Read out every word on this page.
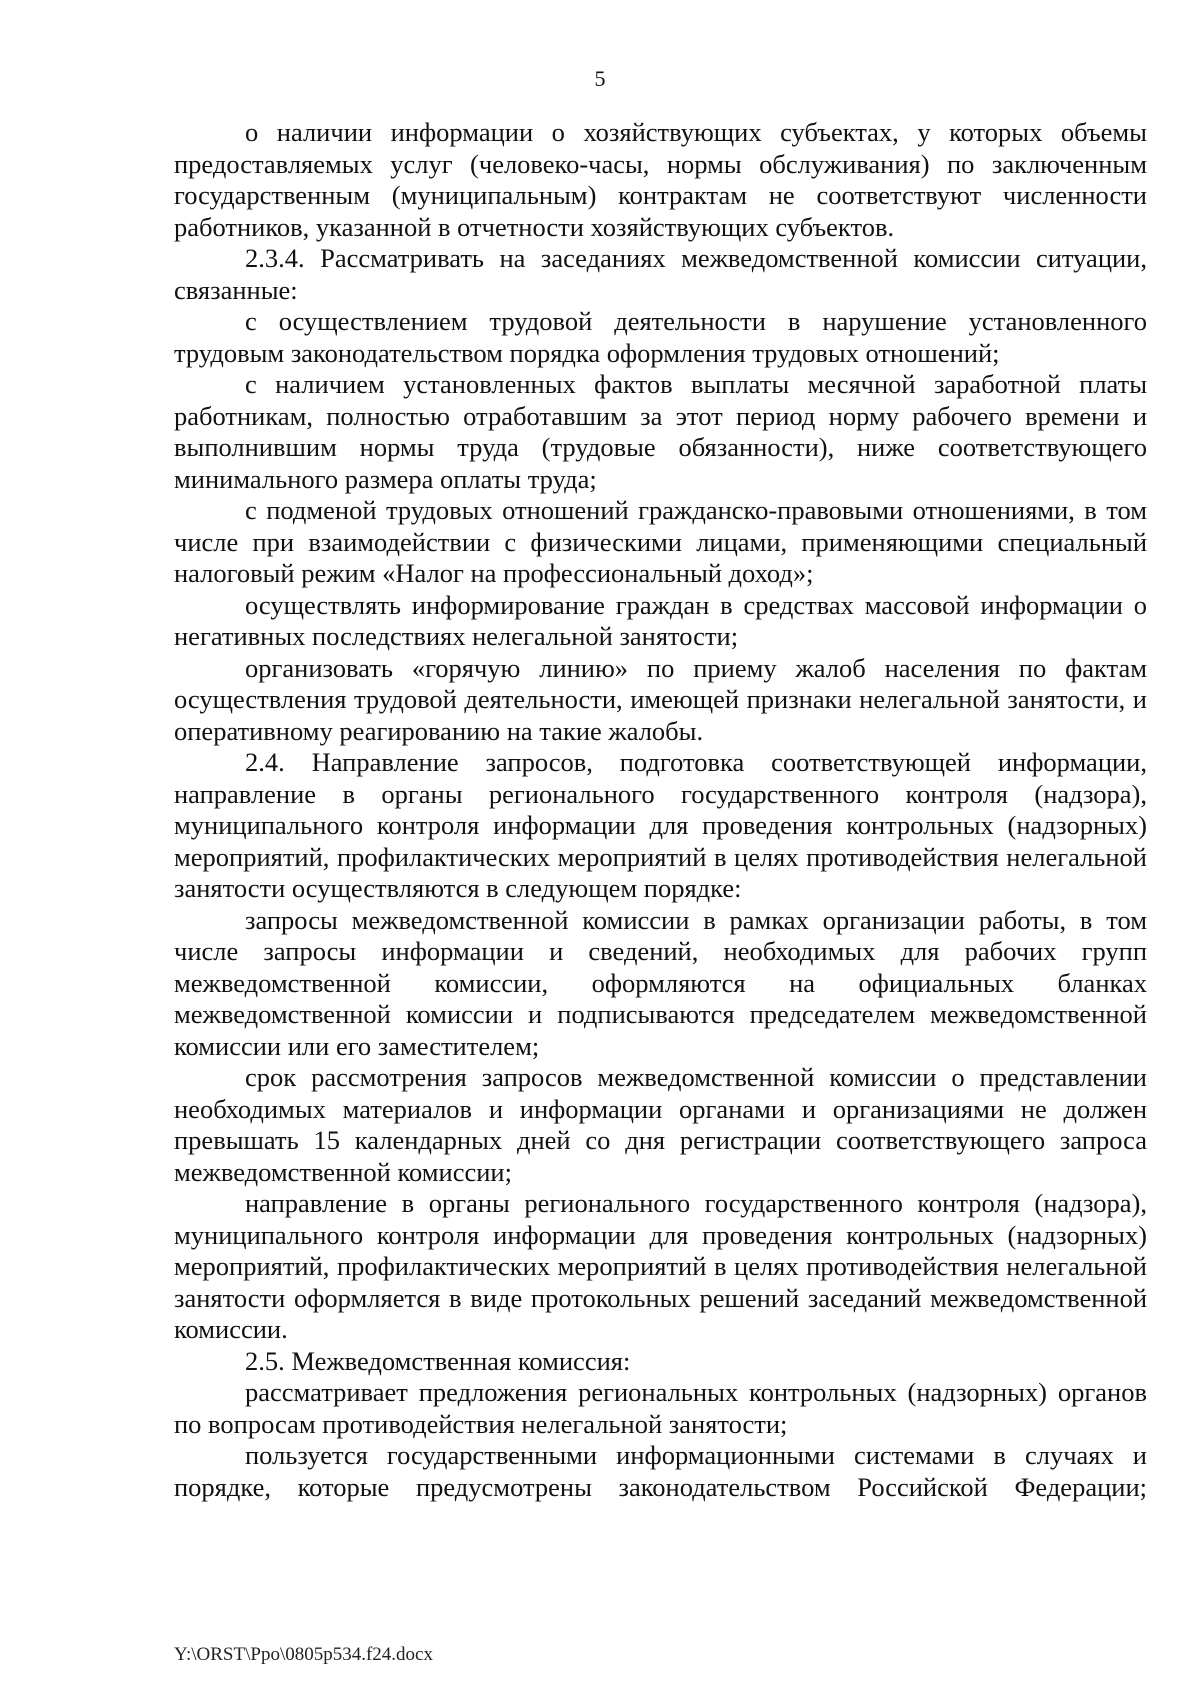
5

о наличии информации о хозяйствующих субъектах, у которых объемы предоставляемых услуг (человеко-часы, нормы обслуживания) по заключенным государственным (муниципальным) контрактам не соответствуют численности работников, указанной в отчетности хозяйствующих субъектов.

2.3.4. Рассматривать на заседаниях межведомственной комиссии ситуации, связанные:

с осуществлением трудовой деятельности в нарушение установленного трудовым законодательством порядка оформления трудовых отношений;

с наличием установленных фактов выплаты месячной заработной платы работникам, полностью отработавшим за этот период норму рабочего времени и выполнившим нормы труда (трудовые обязанности), ниже соответствующего минимального размера оплаты труда;

с подменой трудовых отношений гражданско-правовыми отношениями, в том числе при взаимодействии с физическими лицами, применяющими специальный налоговый режим «Налог на профессиональный доход»;

осуществлять информирование граждан в средствах массовой информации о негативных последствиях нелегальной занятости;

организовать «горячую линию» по приему жалоб населения по фактам осуществления трудовой деятельности, имеющей признаки нелегальной занятости, и оперативному реагированию на такие жалобы.

2.4. Направление запросов, подготовка соответствующей информации, направление в органы регионального государственного контроля (надзора), муниципального контроля информации для проведения контрольных (надзорных) мероприятий, профилактических мероприятий в целях противодействия нелегальной занятости осуществляются в следующем порядке:

запросы межведомственной комиссии в рамках организации работы, в том числе запросы информации и сведений, необходимых для рабочих групп межведомственной комиссии, оформляются на официальных бланках межведомственной комиссии и подписываются председателем межведомственной комиссии или его заместителем;

срок рассмотрения запросов межведомственной комиссии о представлении необходимых материалов и информации органами и организациями не должен превышать 15 календарных дней со дня регистрации соответствующего запроса межведомственной комиссии;

направление в органы регионального государственного контроля (надзора), муниципального контроля информации для проведения контрольных (надзорных) мероприятий, профилактических мероприятий в целях противодействия нелегальной занятости оформляется в виде протокольных решений заседаний межведомственной комиссии.

2.5. Межведомственная комиссия:

рассматривает предложения региональных контрольных (надзорных) органов по вопросам противодействия нелегальной занятости;

пользуется государственными информационными системами в случаях и порядке, которые предусмотрены законодательством Российской Федерации;

Y:\ORST\Ppo\0805p534.f24.docx
